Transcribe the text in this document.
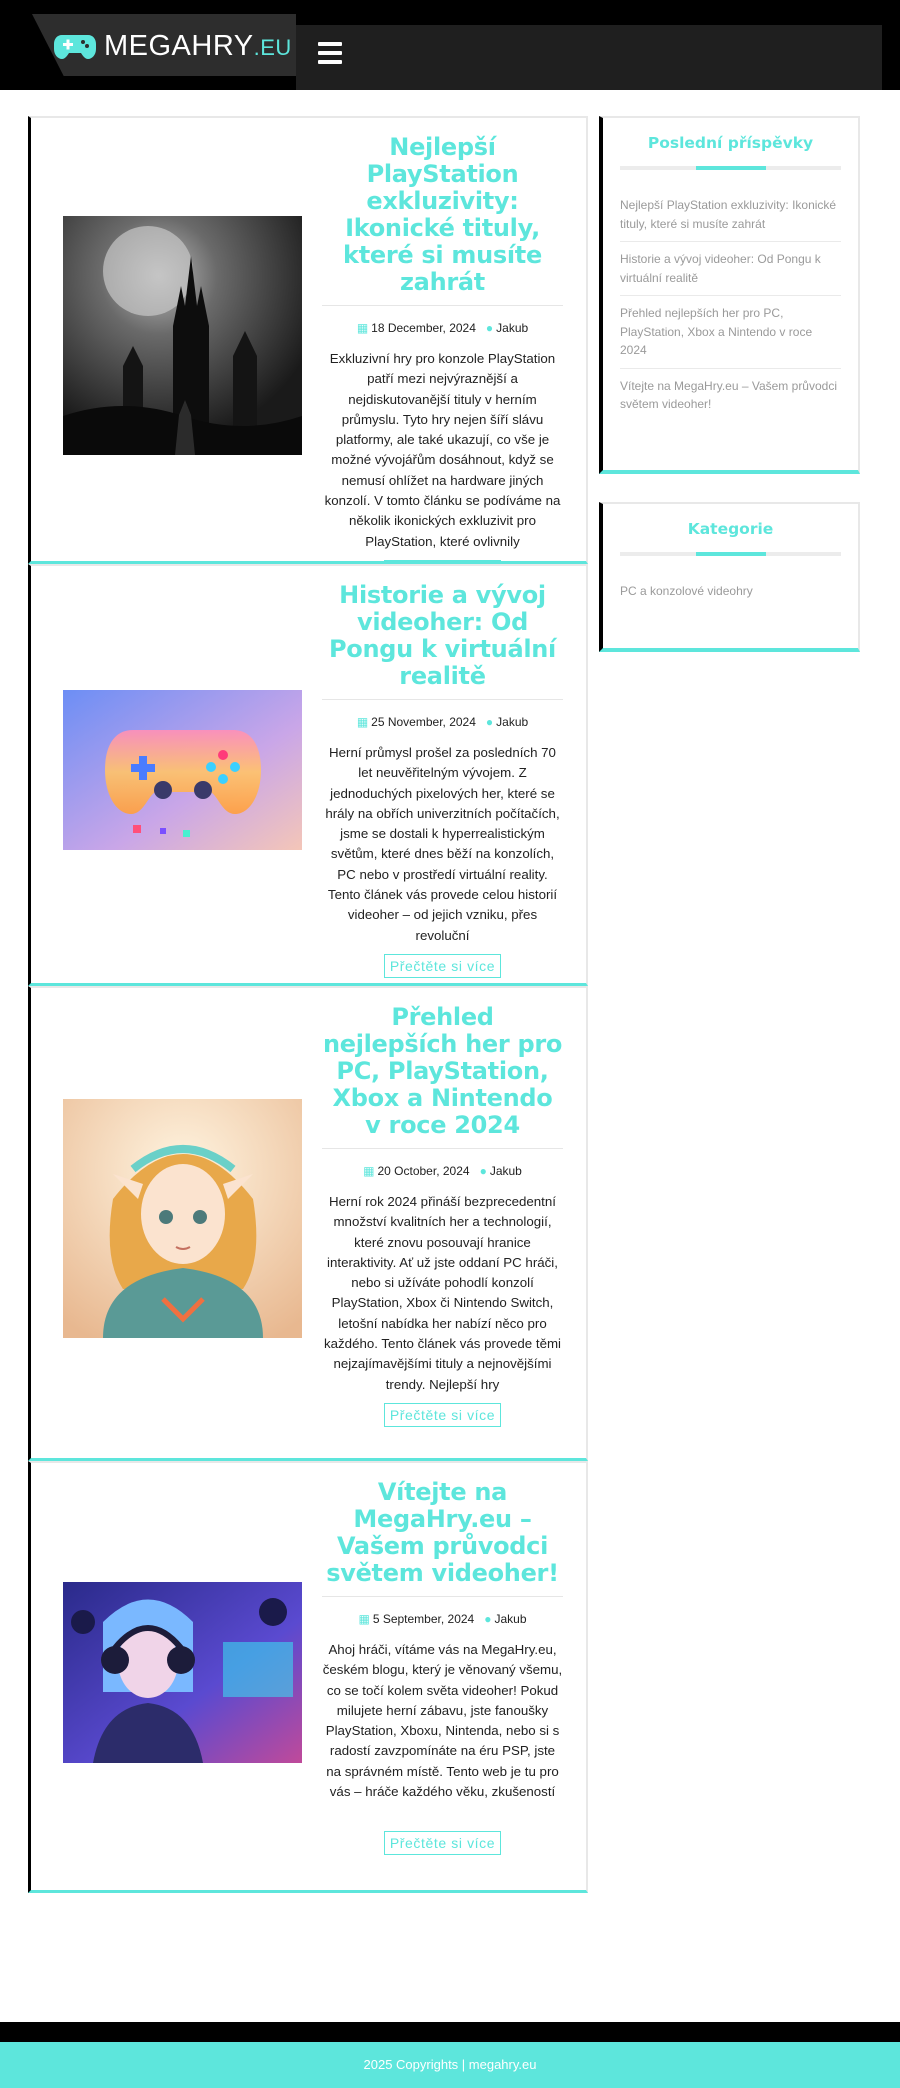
MEGAHRY.EU
Nejlepší PlayStation exkluzivity: Ikonické tituly, které si musíte zahrát
▦ 18 December, 2024 ● Jakub
Exkluzivní hry pro konzole PlayStation patří mezi nejvýraznější a nejdiskutovanější tituly v herním průmyslu. Tyto hry nejen šíří slávu platformy, ale také ukazují, co vše je možné vývojářům dosáhnout, když se nemusí ohlížet na hardware jiných konzolí. V tomto článku se podíváme na několik ikonických exkluzivit pro PlayStation, které ovlivnily
Historie a vývoj videoher: Od Pongu k virtuální realitě
▦ 25 November, 2024 ● Jakub
Herní průmysl prošel za posledních 70 let neuvěřitelným vývojem. Z jednoduchých pixelových her, které se hrály na obřích univerzitních počítačích, jsme se dostali k hyperrealistickým světům, které dnes běží na konzolích, PC nebo v prostředí virtuální reality. Tento článek vás provede celou historií videoher – od jejich vzniku, přes revoluční
Přečtěte si více
Přehled nejlepších her pro PC, PlayStation, Xbox a Nintendo v roce 2024
▦ 20 October, 2024 ● Jakub
Herní rok 2024 přináší bezprecedentní množství kvalitních her a technologií, které znovu posouvají hranice interaktivity. Ať už jste oddaní PC hráči, nebo si užíváte pohodlí konzolí PlayStation, Xbox či Nintendo Switch, letošní nabídka her nabízí něco pro každého. Tento článek vás provede těmi nejzajímavějšími tituly a nejnovějšími trendy. Nejlepší hry
Přečtěte si více
Vítejte na MegaHry.eu – Vašem průvodci světem videoher!
▦ 5 September, 2024 ● Jakub
Ahoj hráči, vítáme vás na MegaHry.eu, českém blogu, který je věnovaný všemu, co se točí kolem světa videoher! Pokud milujete herní zábavu, jste fanoušky PlayStation, Xboxu, Nintenda, nebo si s radostí zavzpomínáte na éru PSP, jste na správném místě. Tento web je tu pro vás – hráče každého věku, zkušeností
Přečtěte si více
Poslední příspěvky
Nejlepší PlayStation exkluzivity: Ikonické tituly, které si musíte zahrát
Historie a vývoj videoher: Od Pongu k virtuální realitě
Přehled nejlepších her pro PC, PlayStation, Xbox a Nintendo v roce 2024
Vítejte na MegaHry.eu – Vašem průvodci světem videoher!
Kategorie
PC a konzolové videohry
2025 Copyrights | megahry.eu
